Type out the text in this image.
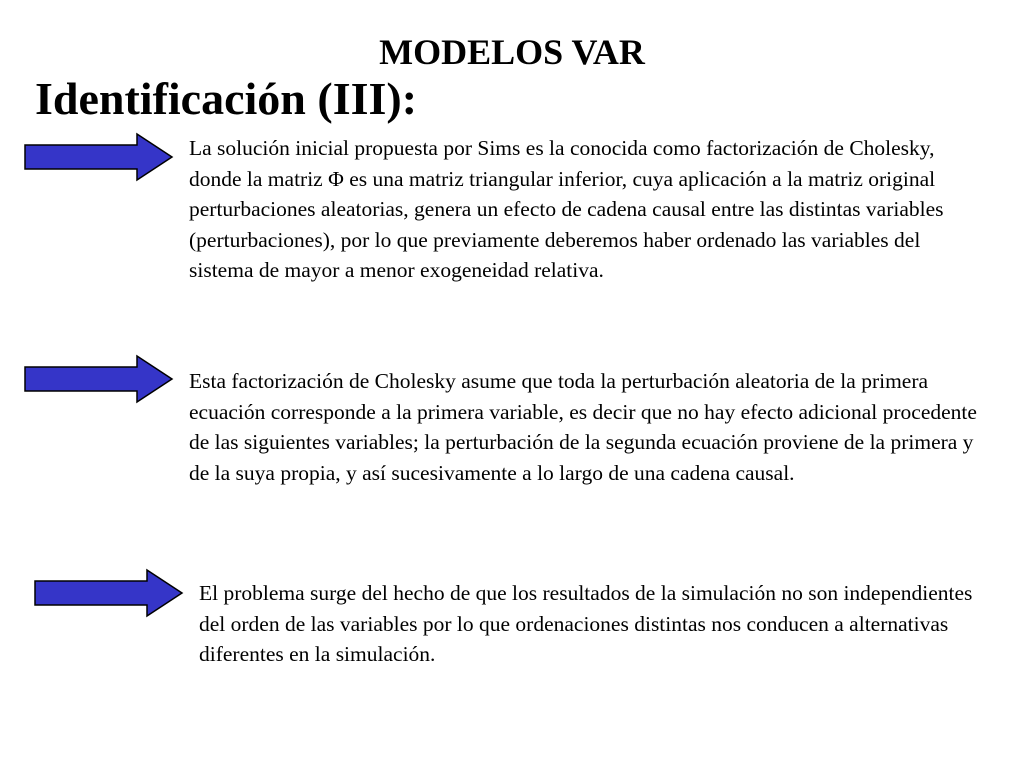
MODELOS VAR
Identificación (III):

La solución inicial propuesta por Sims es la conocida como factorización de Cholesky, donde la matriz Φ es una matriz triangular inferior, cuya aplicación a la matriz original perturbaciones aleatorias, genera un efecto de cadena causal entre las distintas variables (perturbaciones), por lo que previamente deberemos haber ordenado las variables del sistema de mayor a menor exogeneidad relativa.

Esta factorización de Cholesky asume que toda la perturbación aleatoria de la primera ecuación corresponde a la primera variable, es decir que no hay efecto adicional procedente de las siguientes variables; la perturbación de la segunda ecuación proviene de la primera y de la suya propia, y así sucesivamente a lo largo de una cadena causal.

El problema surge del hecho de que los resultados de la simulación no son independientes del orden de las variables por lo que ordenaciones distintas nos conducen a alternativas diferentes en la simulación.
